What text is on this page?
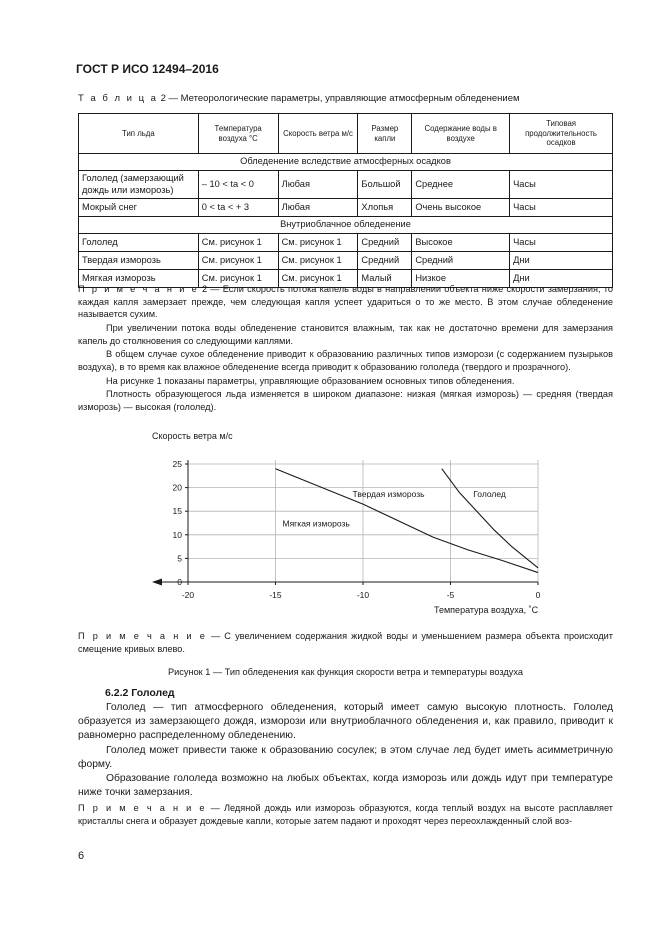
ГОСТ Р ИСО 12494–2016
Т а б л и ц а 2 — Метеорологические параметры, управляющие атмосферным обледенением
Тип льда	Температура воздуха °С	Скорость ветра м/с	Размер капли	Содержание воды в воздухе	Типовая продолжительность осадков
Обледенение вследствие атмосферных осадков					
Гололед (замерзающий дождь или изморозь)	– 10 < tа < 0	Любая	Большой	Среднее	Часы
Мокрый снег	0 < tа < + 3	Любая	Хлопья	Очень высокое	Часы
Внутриоблачное обледенение					
Гололед	См. рисунок 1	См. рисунок 1	Средний	Высокое	Часы
Твердая изморозь	См. рисунок 1	См. рисунок 1	Средний	Средний	Дни
Мягкая изморозь	См. рисунок 1	См. рисунок 1	Малый	Низкое	Дни
П р и м е ч а н и е 2 — Если скорость потока капель воды в направлении объекта ниже скорости замерзания, то каждая капля замерзает прежде, чем следующая капля успеет удариться о то же место. В этом случае обледенение называется сухим.
При увеличении потока воды обледенение становится влажным, так как не достаточно времени для замерзания капель до столкновения со следующими каплями.
В общем случае сухое обледенение приводит к образованию различных типов изморози (с содержанием пузырьков воздуха), в то время как влажное обледенение всегда приводит к образованию гололеда (твердого и прозрачного).
На рисунке 1 показаны параметры, управляющие образованием основных типов обледенения.
Плотность образующегося льда изменяется в широком диапазоне: низкая (мягкая изморозь) — средняя (твердая изморозь) — высокая (гололед).
Скорость ветра м/с
-20	-15	-10	-5	0
0
5
10
15
20
25
Мягкая изморозь
Твердая изморозь	Гололед
Температура воздуха, ˚С
П р и м е ч а н и е — С увеличением содержания жидкой воды и уменьшением размера объекта происходит смещение кривых влево.
Рисунок 1 — Тип обледенения как функция скорости ветра и температуры воздуха
6.2.2 Гололед
Гололед — тип атмосферного обледенения, который имеет самую высокую плотность. Гололед образуется из замерзающего дождя, изморози или внутриоблачного обледенения и, как правило, приводит к равномерно распределенному обледенению.
Гололед может привести также к образованию сосулек; в этом случае лед будет иметь асимметричную форму.
Образование гололеда возможно на любых объектах, когда изморозь или дождь идут при температуре ниже точки замерзания.
П р и м е ч а н и е — Ледяной дождь или изморозь образуются, когда теплый воздух на высоте расплавляет кристаллы снега и образует дождевые капли, которые затем падают и проходят через переохлажденный слой воз-
6
